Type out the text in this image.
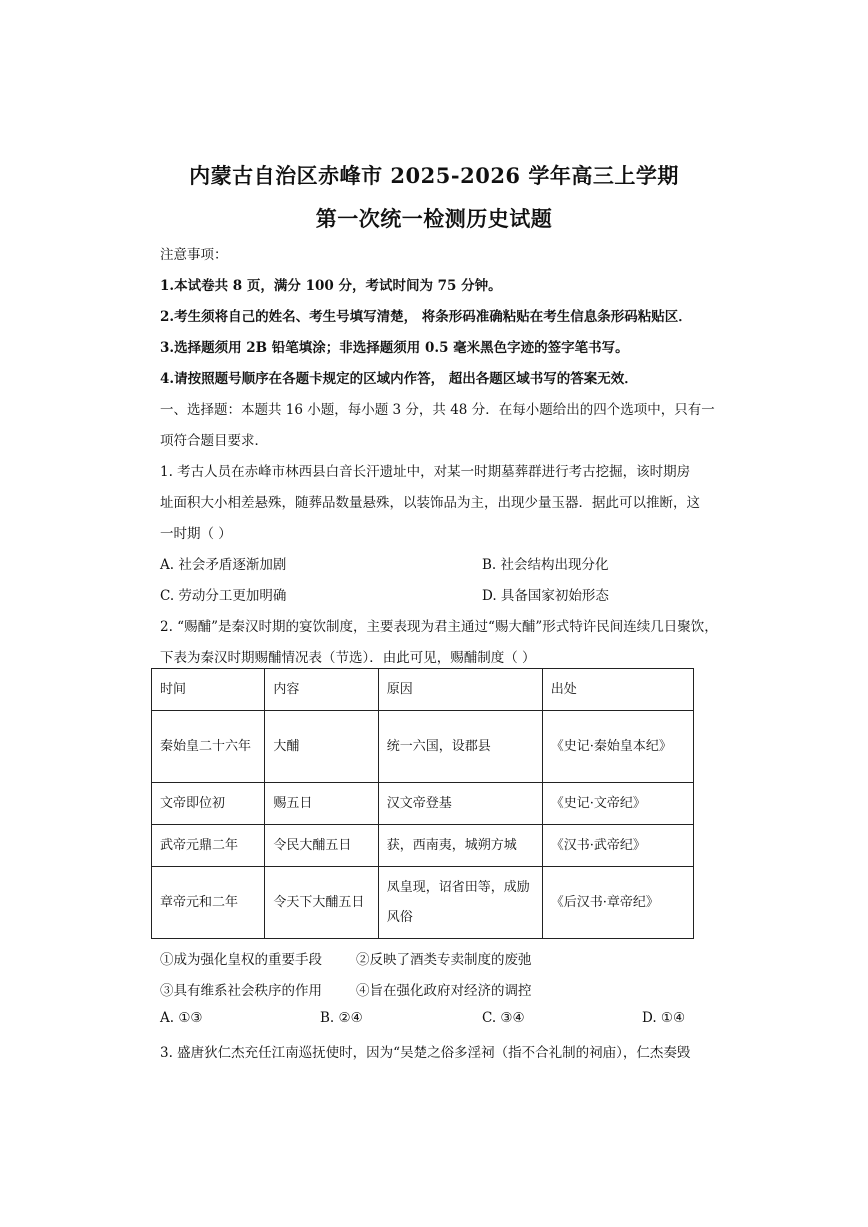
内蒙古自治区赤峰市 2025-2026 学年高三上学期
第一次统一检测历史试题
注意事项：
1.本试卷共 8 页，满分 100 分，考试时间为 75 分钟。
2.考生须将自己的姓名、考生号填写清楚， 将条形码准确粘贴在考生信息条形码粘贴区．
3.选择题须用 2B 铅笔填涂；非选择题须用 0.5 毫米黑色字迹的签字笔书写。
4.请按照题号顺序在各题卡规定的区域内作答， 超出各题区域书写的答案无效．
一、选择题：本题共 16 小题，每小题 3 分，共 48 分．在每小题给出的四个选项中，只有一
项符合题目要求．
1. 考古人员在赤峰市林西县白音长汗遗址中，对某一时期墓葬群进行考古挖掘，该时期房
址面积大小相差悬殊，随葬品数量悬殊，以装饰品为主，出现少量玉器．据此可以推断，这
一时期（ ）
A. 社会矛盾逐渐加剧	B. 社会结构出现分化
C. 劳动分工更加明确	D. 具备国家初始形态
2. “赐酺”是秦汉时期的宴饮制度，主要表现为君主通过“赐大酺”形式特许民间连续几日聚饮，
下表为秦汉时期赐酺情况表（节选）．由此可见，赐酺制度（ ）
时间	内容	原因	出处

秦始皇二十六年	大酺	统一六国，设郡县	《史记·秦始皇本纪》
文帝即位初	赐五日	汉文帝登基	《史记·文帝纪》
武帝元鼎二年	令民大酺五日	获，西南夷，城朔方城	《汉书·武帝纪》
章帝元和二年	令天下大酺五日	凤皇现，诏省田等，成励风俗	《后汉书·章帝纪》
①成为强化皇权的重要手段	②反映了酒类专卖制度的废弛
③具有维系社会秩序的作用	④旨在强化政府对经济的调控
A. ①③	B. ②④	C. ③④	D. ①④
3. 盛唐狄仁杰充任江南巡抚使时，因为“吴楚之俗多淫祠（指不合礼制的祠庙），仁杰奏毁
